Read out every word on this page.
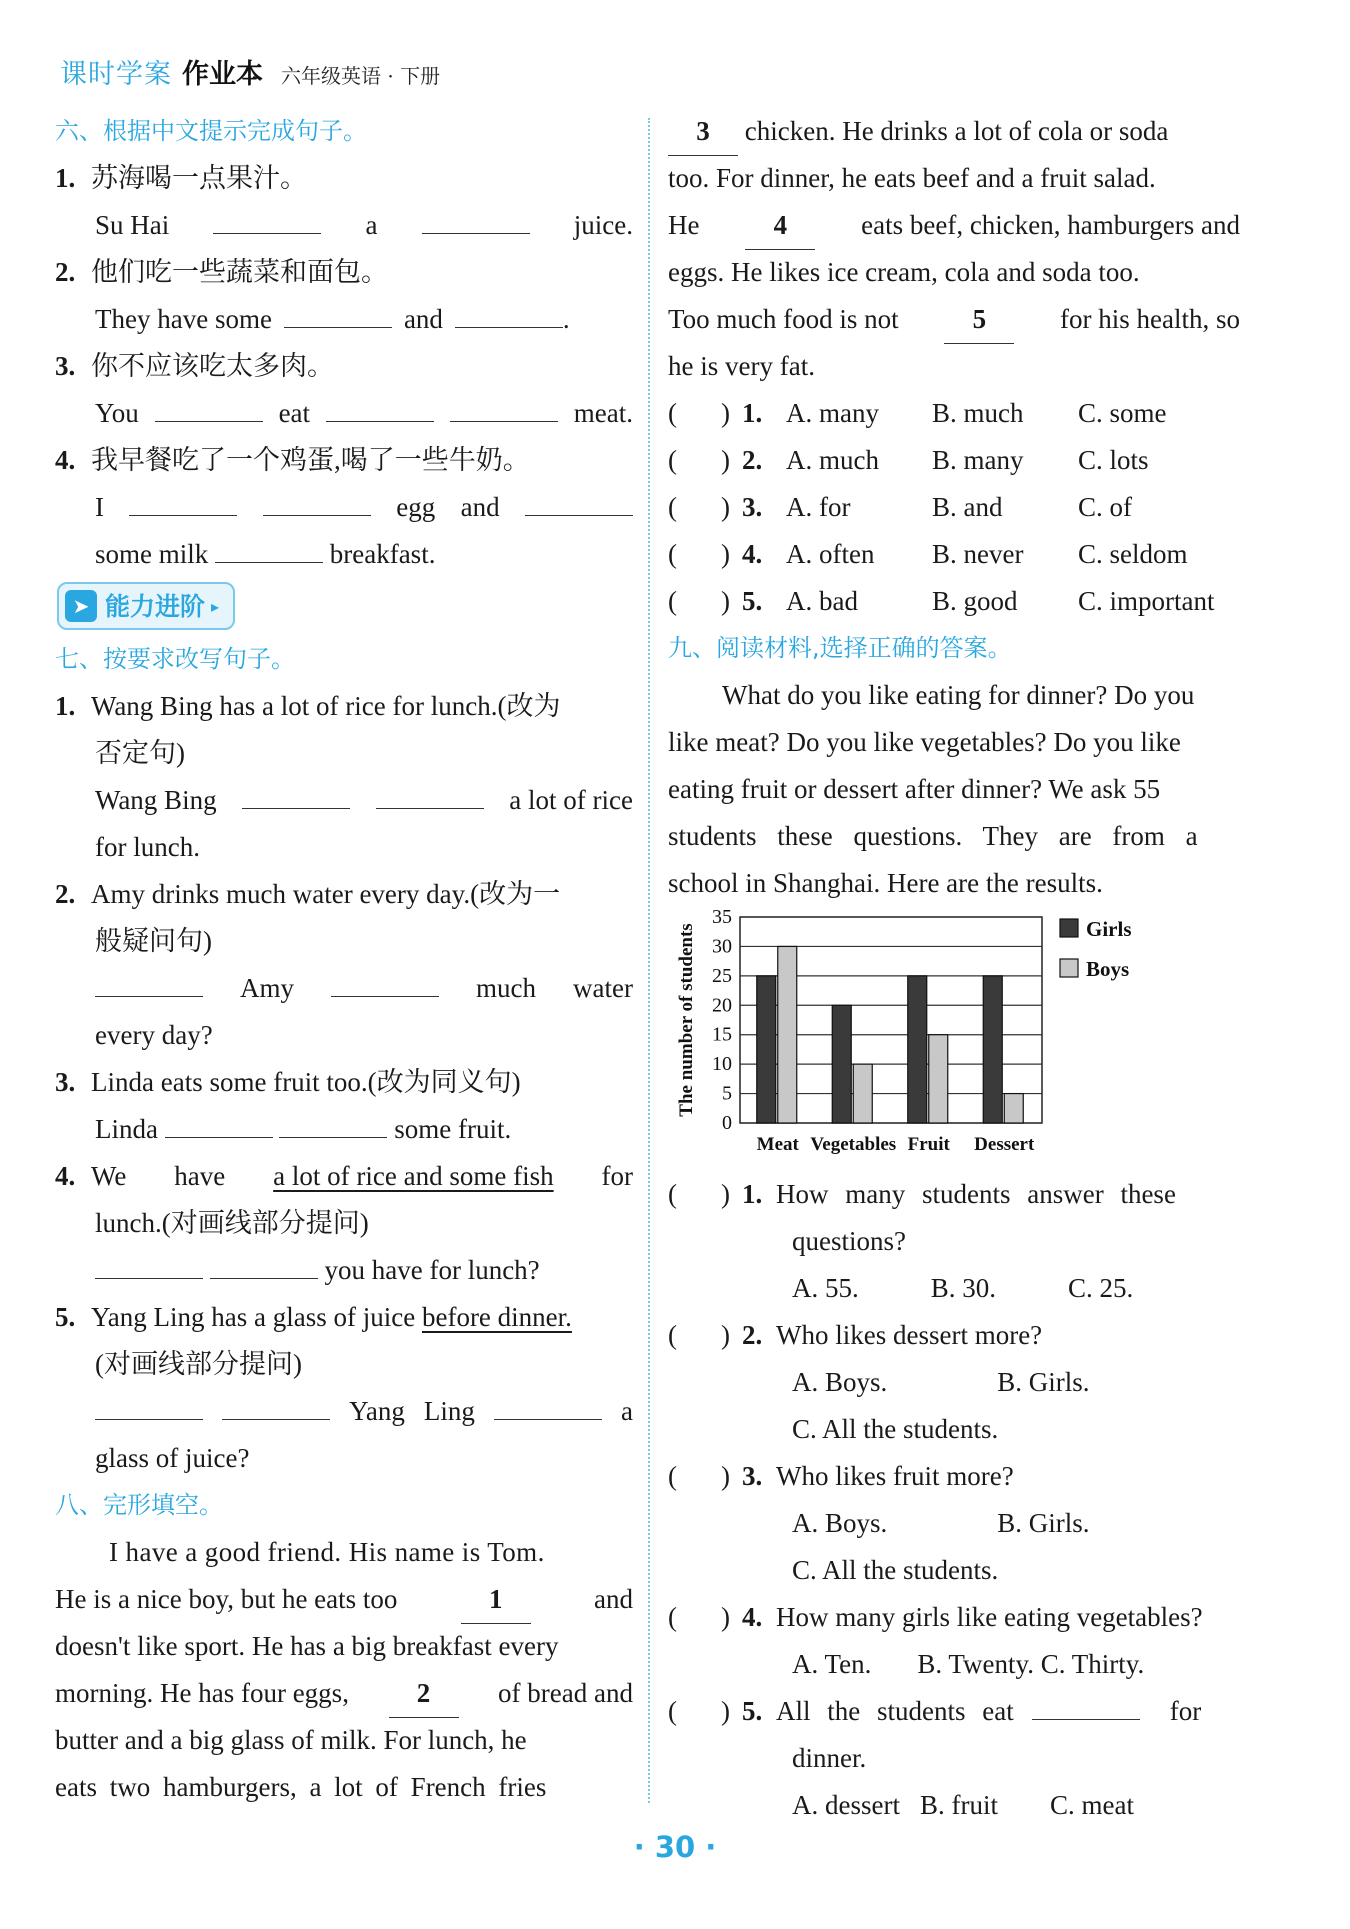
课时学案 作业本 六年级英语 · 下册
六、根据中文提示完成句子。
1. 苏海喝一点果汁。
Su Hai	a	juice.
2. 他们吃一些蔬菜和面包。
They have some	and	.
3. 你不应该吃太多肉。
You	eat	meat.
4. 我早餐吃了一个鸡蛋,喝了一些牛奶。
I	egg and
some milk	breakfast.
➤ 能力进阶 ▸
七、按要求改写句子。
1. Wang Bing has a lot of rice for lunch.(改为
否定句)
Wang Bing	a lot of rice
for lunch.
2. Amy drinks much water every day.(改为一
般疑问句)
Amy	much water
every day?
3. Linda eats some fruit too.(改为同义句)
Linda	some fruit.
4. We have a lot of rice and some fish for
lunch.(对画线部分提问)
you have for lunch?
5. Yang Ling has a glass of juice before dinner.
(对画线部分提问)
Yang Ling	a
glass of juice?
八、完形填空。
I have a good friend. His name is Tom.
He is a nice boy, but he eats too	1	and
doesn't like sport. He has a big breakfast every
morning. He has four eggs,	2	of bread and
butter and a big glass of milk. For lunch, he
eats two hamburgers, a lot of French fries
3 chicken. He drinks a lot of cola or soda
too. For dinner, he eats beef and a fruit salad.
He	4	eats beef, chicken, hamburgers and
eggs. He likes ice cream, cola and soda too.
Too much food is not	5	for his health, so
he is very fat.
( ) 1. A. many	B. much	C. some
( ) 2. A. much	B. many	C. lots
( ) 3. A. for	B. and	C. of
( ) 4. A. often	B. never	C. seldom
( ) 5. A. bad	B. good	C. important
九、阅读材料,选择正确的答案。
What do you like eating for dinner? Do you
like meat? Do you like vegetables? Do you like
eating fruit or dessert after dinner? We ask 55
students these questions. They are from a
school in Shanghai. Here are the results.
0
5
10
15
20
25
30
35
The number of students
Meat Vegetables Fruit Dessert
Girls
Boys
( ) 1. How many students answer these
questions?
A. 55.	B. 30.	C. 25.
( ) 2. Who likes dessert more?
A. Boys.	B. Girls.
C. All the students.
( ) 3. Who likes fruit more?
A. Boys.	B. Girls.
C. All the students.
( ) 4. How many girls like eating vegetables?
A. Ten. B. Twenty. C. Thirty.
( ) 5. All the students eat	for
dinner.
A. dessert B. fruit C. meat
· 30 ·
